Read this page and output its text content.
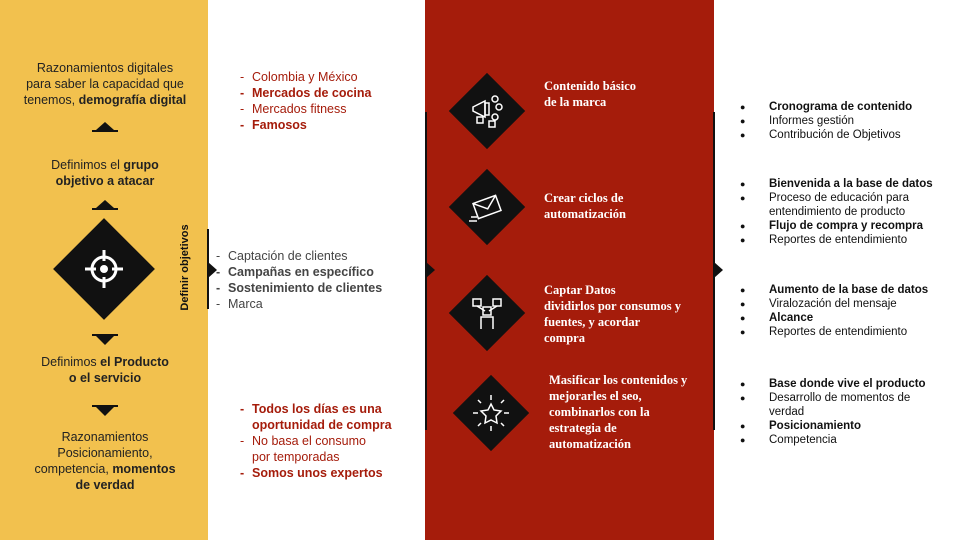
Razonamientos digitales
para saber la capacidad que
tenemos, demografía digital
Definimos el grupo
objetivo a atacar
Definimos el Producto
o el servicio
Razonamientos
Posicionamiento,
competencia, momentos
de verdad
Definir objetivos
- Colombia y México
- Mercados de cocina
- Mercados fitness
- Famosos
- Captación de clientes
- Campañas en específico
- Sostenimiento de clientes
- Marca
- Todos los días es una
oportunidad de compra
- No basa el consumo
por temporadas
- Somos unos expertos
Contenido básico
de la marca
Crear ciclos de
automatización
Captar Datos
dividirlos por consumos y
fuentes, y acordar
compra
Masificar los contenidos y
mejorarles el seo,
combinarlos con la
estrategia de
automatización
● Cronograma de contenido
● Informes gestión
● Contribución de Objetivos
● Bienvenida a la base de datos
● Proceso de educación para
entendimiento de producto
● Flujo de compra y recompra
● Reportes de entendimiento
● Aumento de la base de datos
● Viralozación del mensaje
● Alcance
● Reportes de entendimiento
● Base donde vive el producto
● Desarrollo de momentos de
verdad
● Posicionamiento
● Competencia
